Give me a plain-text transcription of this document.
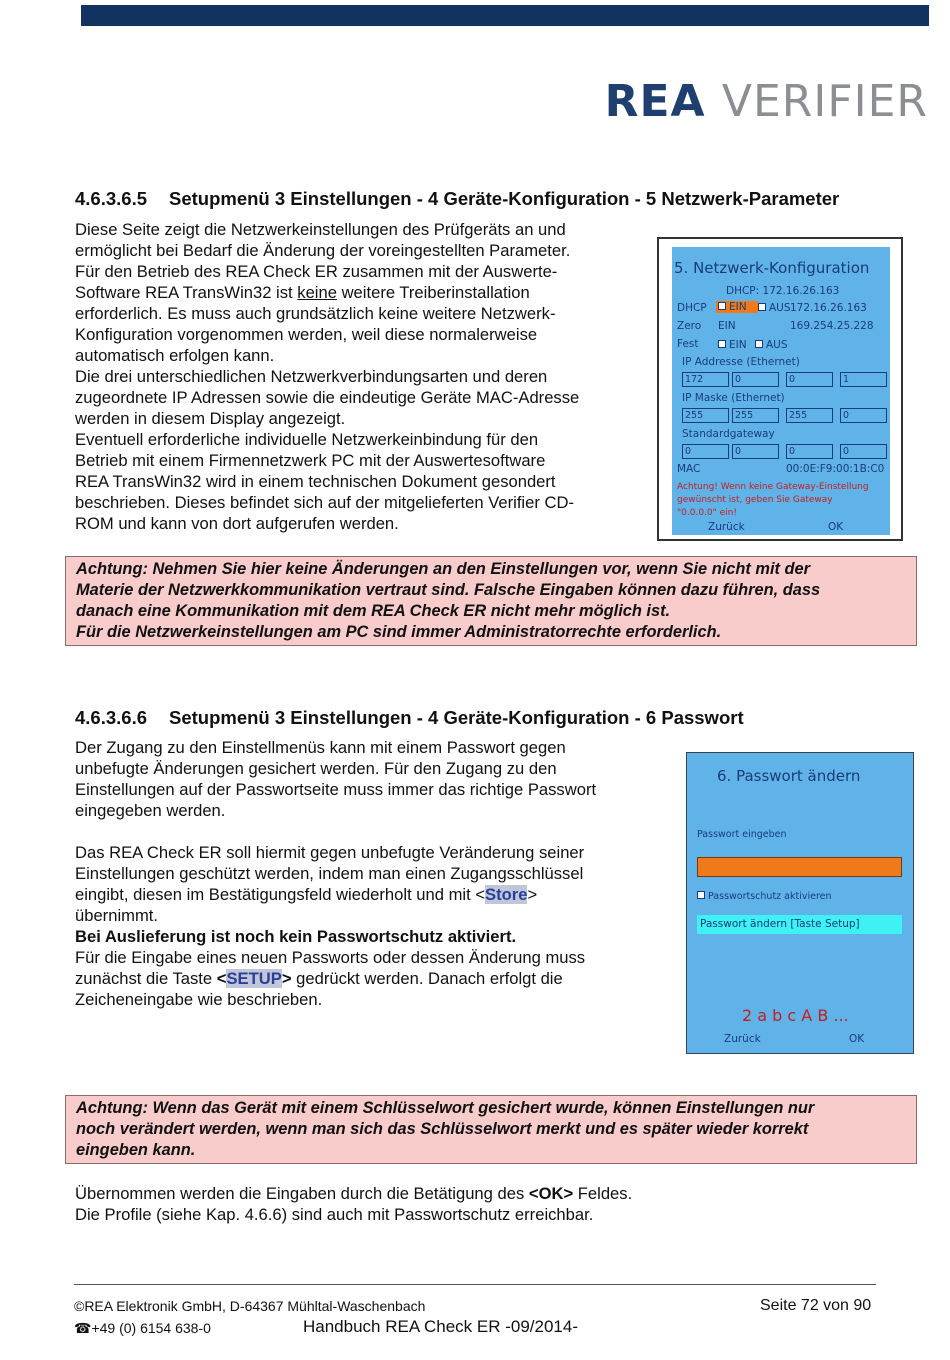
REA VERIFIER
4.6.3.6.5 Setupmenü 3 Einstellungen - 4 Geräte-Konfiguration - 5 Netzwerk-Parameter
Diese Seite zeigt die Netzwerkeinstellungen des Prüfgeräts an und
ermöglicht bei Bedarf die Änderung der voreingestellten Parameter.
Für den Betrieb des REA Check ER zusammen mit der Auswerte-
Software REA TransWin32 ist keine weitere Treiberinstallation
erforderlich. Es muss auch grundsätzlich keine weitere Netzwerk-
Konfiguration vorgenommen werden, weil diese normalerweise
automatisch erfolgen kann.
Die drei unterschiedlichen Netzwerkverbindungsarten und deren
zugeordnete IP Adressen sowie die eindeutige Geräte MAC-Adresse
werden in diesem Display angezeigt.
Eventuell erforderliche individuelle Netzwerkeinbindung für den
Betrieb mit einem Firmennetzwerk PC mit der Auswertesoftware
REA TransWin32 wird in einem technischen Dokument gesondert
beschrieben. Dieses befindet sich auf der mitgelieferten Verifier CD-
ROM und kann von dort aufgerufen werden.
5. Netzwerk-Konfiguration
DHCP: 172.16.26.163
DHCP	EIN	AUS 172.16.26.163
Zero EIN	169.254.25.228
Fest	EIN	AUS
IP Addresse (Ethernet)
172	0	0	1
IP Maske (Ethernet)
255	255	255	0
Standardgateway
0	0	0	0
MAC	00:0E:F9:00:1B:C0
Achtung! Wenn keine Gateway-Einstellung
gewünscht ist, geben Sie Gateway
"0.0.0.0" ein!
Zurück	OK
Achtung: Nehmen Sie hier keine Änderungen an den Einstellungen vor, wenn Sie nicht mit der
Materie der Netzwerkkommunikation vertraut sind. Falsche Eingaben können dazu führen, dass
danach eine Kommunikation mit dem REA Check ER nicht mehr möglich ist.
Für die Netzwerkeinstellungen am PC sind immer Administratorrechte erforderlich.
4.6.3.6.6 Setupmenü 3 Einstellungen - 4 Geräte-Konfiguration - 6 Passwort
Der Zugang zu den Einstellmenüs kann mit einem Passwort gegen
unbefugte Änderungen gesichert werden. Für den Zugang zu den
Einstellungen auf der Passwortseite muss immer das richtige Passwort
eingegeben werden.
Das REA Check ER soll hiermit gegen unbefugte Veränderung seiner
Einstellungen geschützt werden, indem man einen Zugangsschlüssel
eingibt, diesen im Bestätigungsfeld wiederholt und mit <Store>
übernimmt.
Bei Auslieferung ist noch kein Passwortschutz aktiviert.
Für die Eingabe eines neuen Passworts oder dessen Änderung muss
zunächst die Taste <SETUP> gedrückt werden. Danach erfolgt die
Zeicheneingabe wie beschrieben.
6. Passwort ändern
Passwort eingeben
Passwortschutz aktivieren
Passwort ändern [Taste Setup]
2 a b c A B ...
Zurück	OK
Achtung: Wenn das Gerät mit einem Schlüsselwort gesichert wurde, können Einstellungen nur
noch verändert werden, wenn man sich das Schlüsselwort merkt und es später wieder korrekt
eingeben kann.
Übernommen werden die Eingaben durch die Betätigung des <OK> Feldes.
Die Profile (siehe Kap. 4.6.6) sind auch mit Passwortschutz erreichbar.
©REA Elektronik GmbH, D-64367 Mühltal-Waschenbach	Seite 72 von 90
☎+49 (0) 6154 638-0	Handbuch REA Check ER -09/2014-
